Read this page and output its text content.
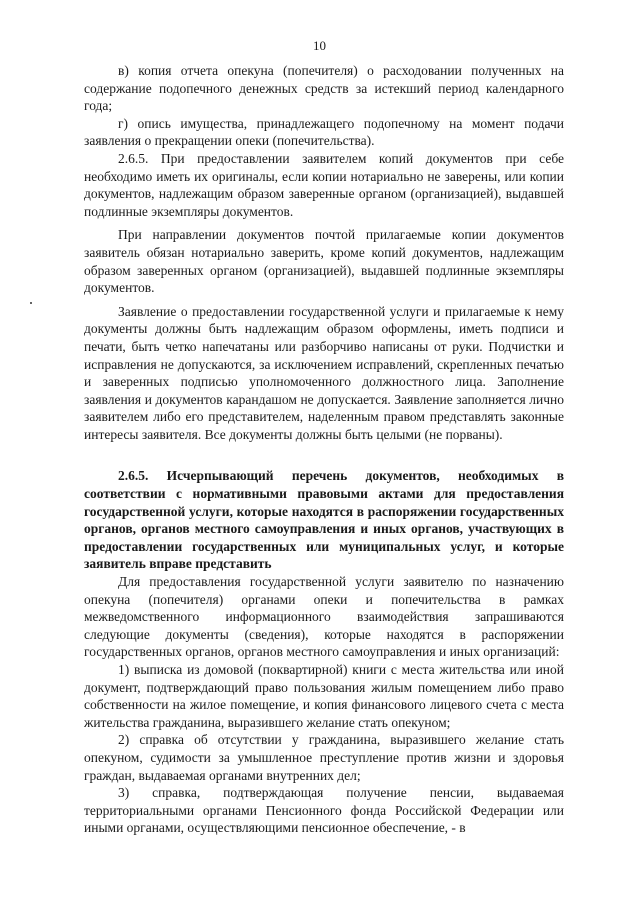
10

в) копия отчета опекуна (попечителя) о расходовании полученных на содержание подопечного денежных средств за истекший период календарного года;

г) опись имущества, принадлежащего подопечному на момент подачи заявления о прекращении опеки (попечительства).

2.6.5. При предоставлении заявителем копий документов при себе необходимо иметь их оригиналы, если копии нотариально не заверены, или копии документов, надлежащим образом заверенные органом (организацией), выдавшей подлинные экземпляры документов.

При направлении документов почтой прилагаемые копии документов заявитель обязан нотариально заверить, кроме копий документов, надлежащим образом заверенных органом (организацией), выдавшей подлинные экземпляры документов.

Заявление о предоставлении государственной услуги и прилагаемые к нему документы должны быть надлежащим образом оформлены, иметь подписи и печати, быть четко напечатаны или разборчиво написаны от руки. Подчистки и исправления не допускаются, за исключением исправлений, скрепленных печатью и заверенных подписью уполномоченного должностного лица. Заполнение заявления и документов карандашом не допускается. Заявление заполняется лично заявителем либо его представителем, наделенным правом представлять законные интересы заявителя. Все документы должны быть целыми (не порваны).

2.6.5. Исчерпывающий перечень документов, необходимых в соответствии с нормативными правовыми актами для предоставления государственной услуги, которые находятся в распоряжении государственных органов, органов местного самоуправления и иных органов, участвующих в предоставлении государственных или муниципальных услуг, и которые заявитель вправе представить

Для предоставления государственной услуги заявителю по назначению опекуна (попечителя) органами опеки и попечительства в рамках межведомственного информационного взаимодействия запрашиваются следующие документы (сведения), которые находятся в распоряжении государственных органов, органов местного самоуправления и иных организаций:

1) выписка из домовой (поквартирной) книги с места жительства или иной документ, подтверждающий право пользования жилым помещением либо право собственности на жилое помещение, и копия финансового лицевого счета с места жительства гражданина, выразившего желание стать опекуном;

2) справка об отсутствии у гражданина, выразившего желание стать опекуном, судимости за умышленное преступление против жизни и здоровья граждан, выдаваемая органами внутренних дел;

3) справка, подтверждающая получение пенсии, выдаваемая территориальными органами Пенсионного фонда Российской Федерации или иными органами, осуществляющими пенсионное обеспечение, - в
